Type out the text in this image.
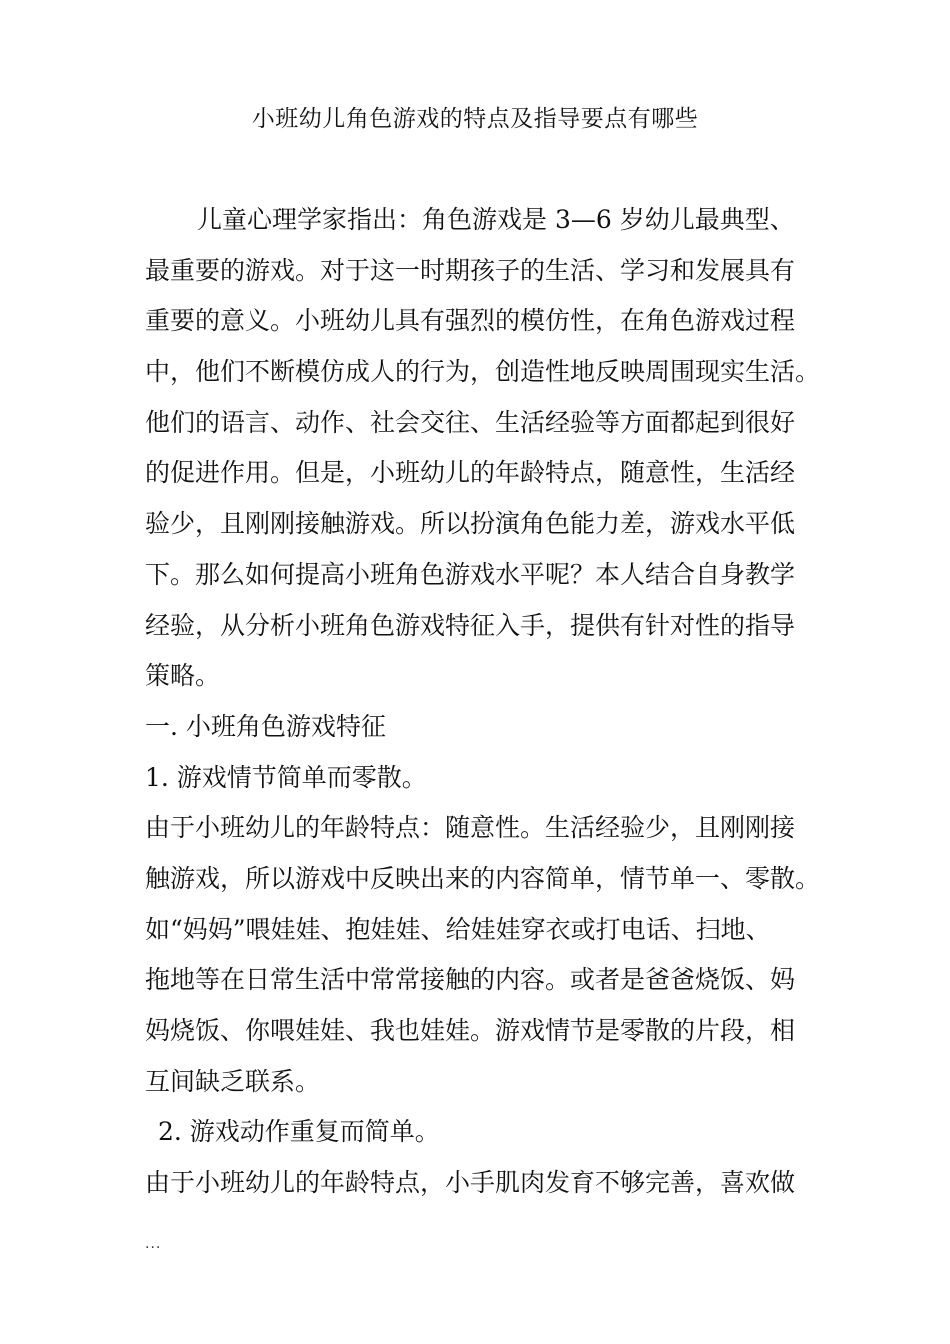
小班幼儿角色游戏的特点及指导要点有哪些
儿童心理学家指出：角色游戏是 3—6 岁幼儿最典型、
最重要的游戏。对于这一时期孩子的生活、学习和发展具有
重要的意义。小班幼儿具有强烈的模仿性，在角色游戏过程
中，他们不断模仿成人的行为，创造性地反映周围现实生活。
他们的语言、动作、社会交往、生活经验等方面都起到很好
的促进作用。但是，小班幼儿的年龄特点，随意性，生活经
验少，且刚刚接触游戏。所以扮演角色能力差，游戏水平低
下。那么如何提高小班角色游戏水平呢？本人结合自身教学
经验，从分析小班角色游戏特征入手，提供有针对性的指导
策略。
一. 小班角色游戏特征
1. 游戏情节简单而零散。
由于小班幼儿的年龄特点：随意性。生活经验少，且刚刚接
触游戏，所以游戏中反映出来的内容简单，情节单一、零散。
如“妈妈”喂娃娃、抱娃娃、给娃娃穿衣或打电话、扫地、
拖地等在日常生活中常常接触的内容。或者是爸爸烧饭、妈
妈烧饭、你喂娃娃、我也娃娃。游戏情节是零散的片段，相
互间缺乏联系。
2. 游戏动作重复而简单。
由于小班幼儿的年龄特点，小手肌肉发育不够完善，喜欢做
...
